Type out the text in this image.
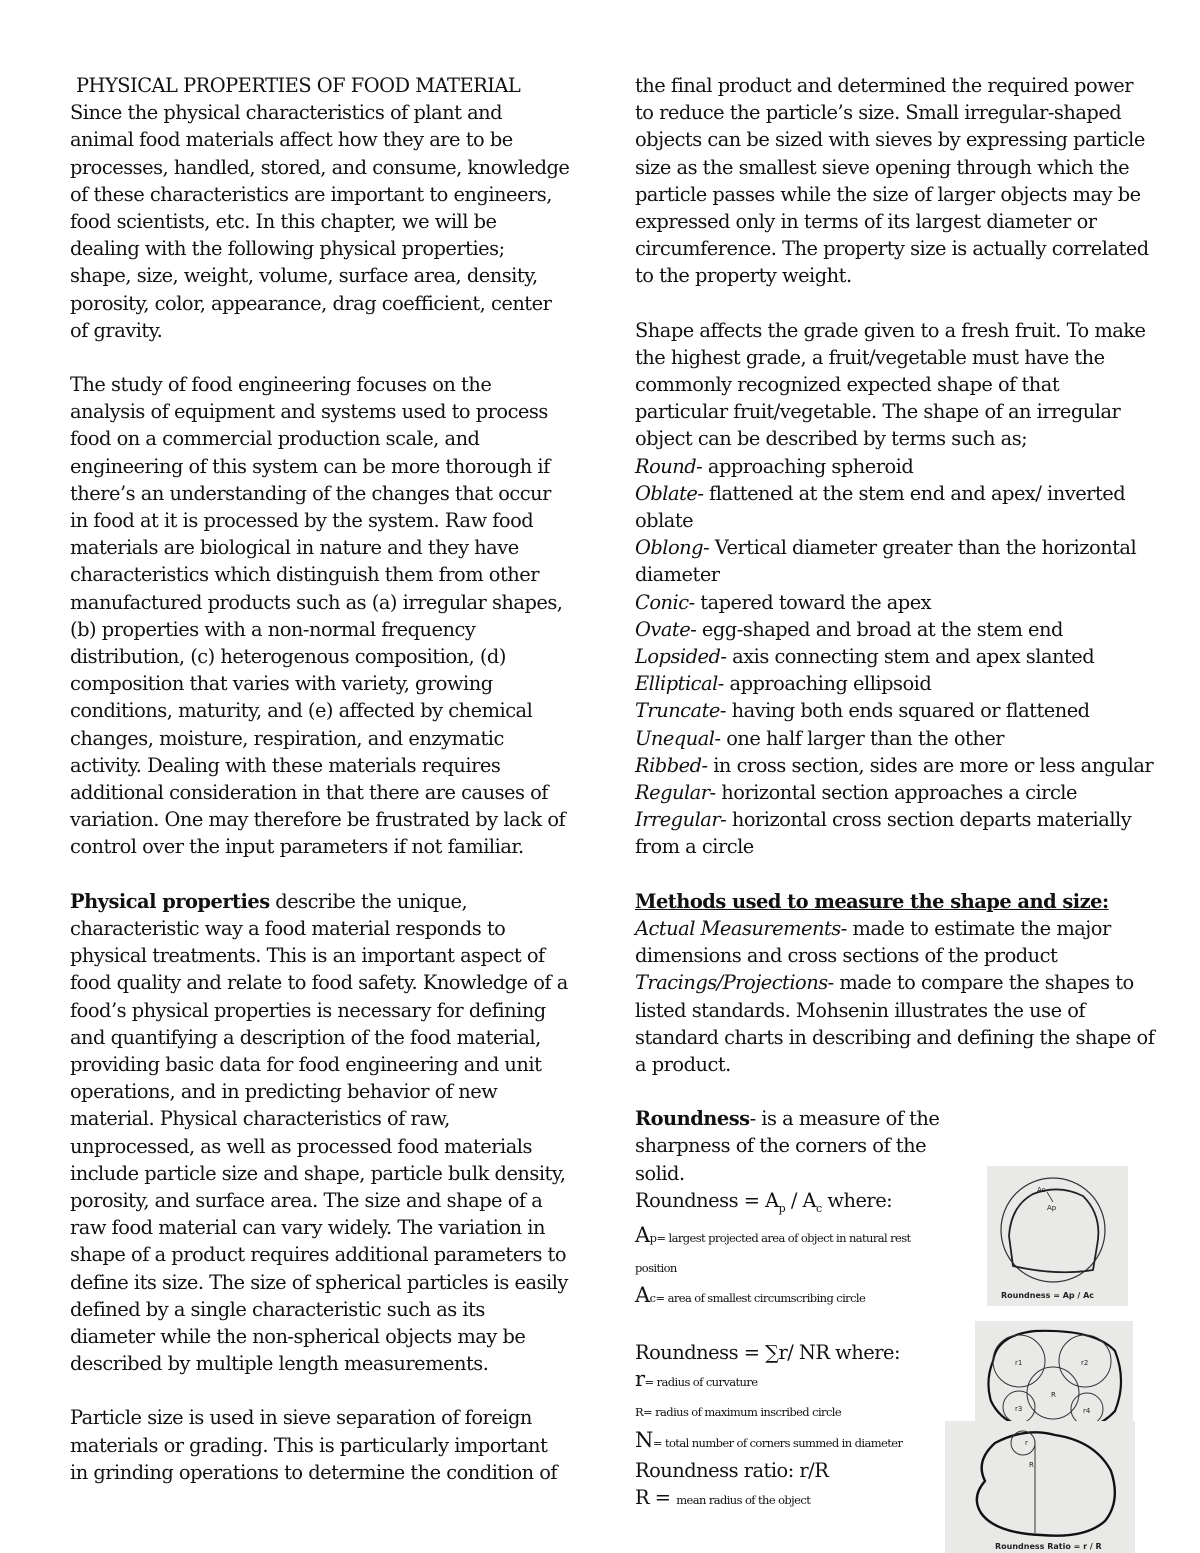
PHYSICAL PROPERTIES OF FOOD MATERIAL

Since the physical characteristics of plant and animal food materials affect how they are to be processes, handled, stored, and consume, knowledge of these characteristics are important to engineers, food scientists, etc. In this chapter, we will be dealing with the following physical properties; shape, size, weight, volume, surface area, density, porosity, color, appearance, drag coefficient, center of gravity.

The study of food engineering focuses on the analysis of equipment and systems used to process food on a commercial production scale, and engineering of this system can be more thorough if there’s an understanding of the changes that occur in food at it is processed by the system. Raw food materials are biological in nature and they have characteristics which distinguish them from other manufactured products such as (a) irregular shapes, (b) properties with a non-normal frequency distribution, (c) heterogenous composition, (d) composition that varies with variety, growing conditions, maturity, and (e) affected by chemical changes, moisture, respiration, and enzymatic activity. Dealing with these materials requires additional consideration in that there are causes of variation. One may therefore be frustrated by lack of control over the input parameters if not familiar.

Physical properties describe the unique, characteristic way a food material responds to physical treatments. This is an important aspect of food quality and relate to food safety. Knowledge of a food’s physical properties is necessary for defining and quantifying a description of the food material, providing basic data for food engineering and unit operations, and in predicting behavior of new material. Physical characteristics of raw, unprocessed, as well as processed food materials include particle size and shape, particle bulk density, porosity, and surface area. The size and shape of a raw food material can vary widely. The variation in shape of a product requires additional parameters to define its size. The size of spherical particles is easily defined by a single characteristic such as its diameter while the non-spherical objects may be described by multiple length measurements.

Particle size is used in sieve separation of foreign materials or grading. This is particularly important in grinding operations to determine the condition of

the final product and determined the required power to reduce the particle’s size. Small irregular-shaped objects can be sized with sieves by expressing particle size as the smallest sieve opening through which the particle passes while the size of larger objects may be expressed only in terms of its largest diameter or circumference. The property size is actually correlated to the property weight.

Shape affects the grade given to a fresh fruit. To make the highest grade, a fruit/vegetable must have the commonly recognized expected shape of that particular fruit/vegetable. The shape of an irregular object can be described by terms such as;

Round- approaching spheroid

Oblate- flattened at the stem end and apex/ inverted oblate

Oblong- Vertical diameter greater than the horizontal diameter

Conic- tapered toward the apex

Ovate- egg-shaped and broad at the stem end

Lopsided- axis connecting stem and apex slanted

Elliptical- approaching ellipsoid

Truncate- having both ends squared or flattened

Unequal- one half larger than the other

Ribbed- in cross section, sides are more or less angular

Regular- horizontal section approaches a circle

Irregular- horizontal cross section departs materially from a circle

Methods used to measure the shape and size:

Actual Measurements- made to estimate the major dimensions and cross sections of the product

Tracings/Projections- made to compare the shapes to listed standards. Mohsenin illustrates the use of standard charts in describing and defining the shape of a product.

Roundness- is a measure of the sharpness of the corners of the solid.

Roundness = $A_p / A_c$ where:

Ap= largest projected area of object in natural rest position

Ac= area of smallest circumscribing circle

Roundness = ∑r/ NR where:

r= radius of curvature

R= radius of maximum inscribed circle

N= total number of corners summed in diameter

Roundness ratio: r/R

R = mean radius of the object

Ac
Ap
Roundness = Ap / Ac
r1	r2
r3	r4
R
r
R
Roundness Ratio = r / R
